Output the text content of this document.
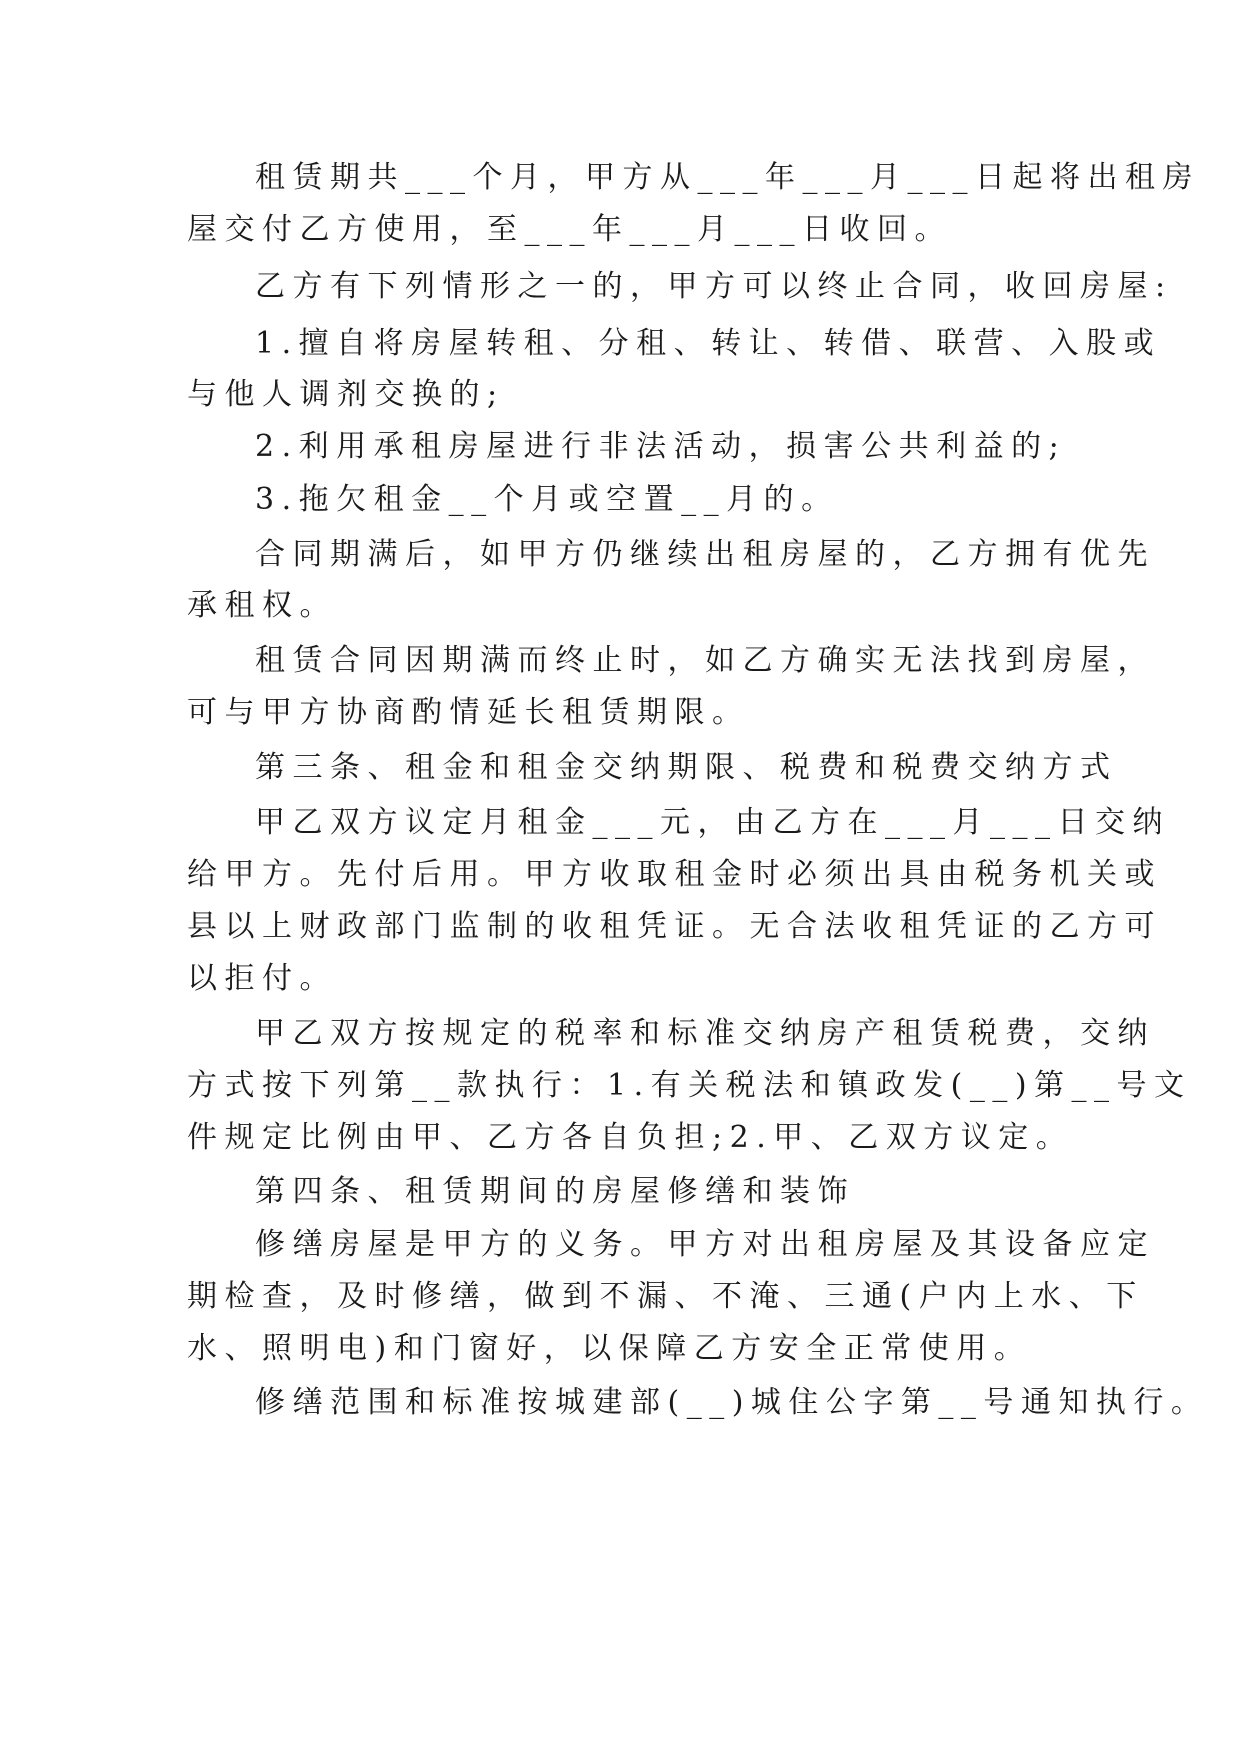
租赁期共___个月，甲方从___年___月___日起将出租房
屋交付乙方使用，至___年___月___日收回。
乙方有下列情形之一的，甲方可以终止合同，收回房屋:
1.擅自将房屋转租、分租、转让、转借、联营、入股或
与他人调剂交换的;
2.利用承租房屋进行非法活动，损害公共利益的;
3.拖欠租金__个月或空置__月的。
合同期满后，如甲方仍继续出租房屋的，乙方拥有优先
承租权。
租赁合同因期满而终止时，如乙方确实无法找到房屋，
可与甲方协商酌情延长租赁期限。
第三条、租金和租金交纳期限、税费和税费交纳方式
甲乙双方议定月租金___元，由乙方在___月___日交纳
给甲方。先付后用。甲方收取租金时必须出具由税务机关或
县以上财政部门监制的收租凭证。无合法收租凭证的乙方可
以拒付。
甲乙双方按规定的税率和标准交纳房产租赁税费，交纳
方式按下列第__款执行：1.有关税法和镇政发(__)第__号文
件规定比例由甲、乙方各自负担;2.甲、乙双方议定。
第四条、租赁期间的房屋修缮和装饰
修缮房屋是甲方的义务。甲方对出租房屋及其设备应定
期检查，及时修缮，做到不漏、不淹、三通(户内上水、下
水、照明电)和门窗好，以保障乙方安全正常使用。
修缮范围和标准按城建部(__)城住公字第__号通知执行。
